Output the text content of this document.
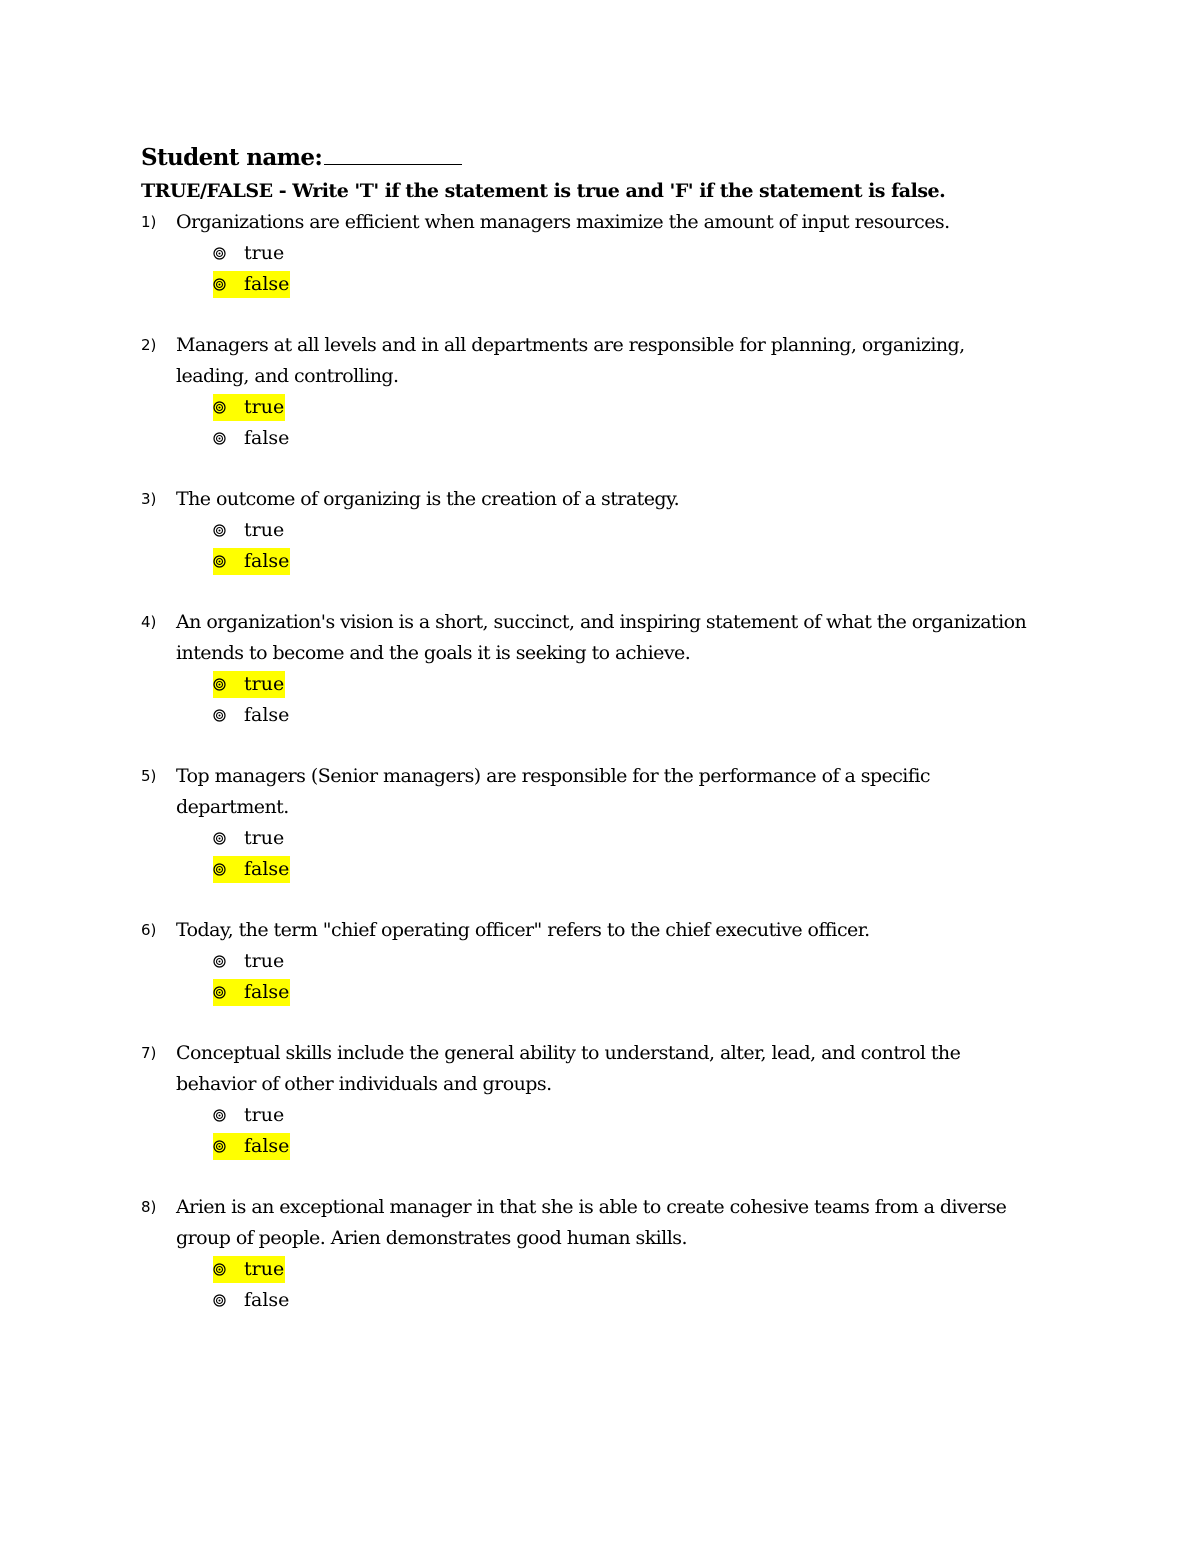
Student name:
TRUE/FALSE - Write 'T' if the statement is true and 'F' if the statement is false.
1) Organizations are efficient when managers maximize the amount of input resources.
true
false
2) Managers at all levels and in all departments are responsible for planning, organizing,
leading, and controlling.
true
false
3) The outcome of organizing is the creation of a strategy.
true
false
4) An organization's vision is a short, succinct, and inspiring statement of what the organization
intends to become and the goals it is seeking to achieve.
true
false
5) Top managers (Senior managers) are responsible for the performance of a specific
department.
true
false
6) Today, the term "chief operating officer" refers to the chief executive officer.
true
false
7) Conceptual skills include the general ability to understand, alter, lead, and control the
behavior of other individuals and groups.
true
false
8) Arien is an exceptional manager in that she is able to create cohesive teams from a diverse
group of people. Arien demonstrates good human skills.
true
false
